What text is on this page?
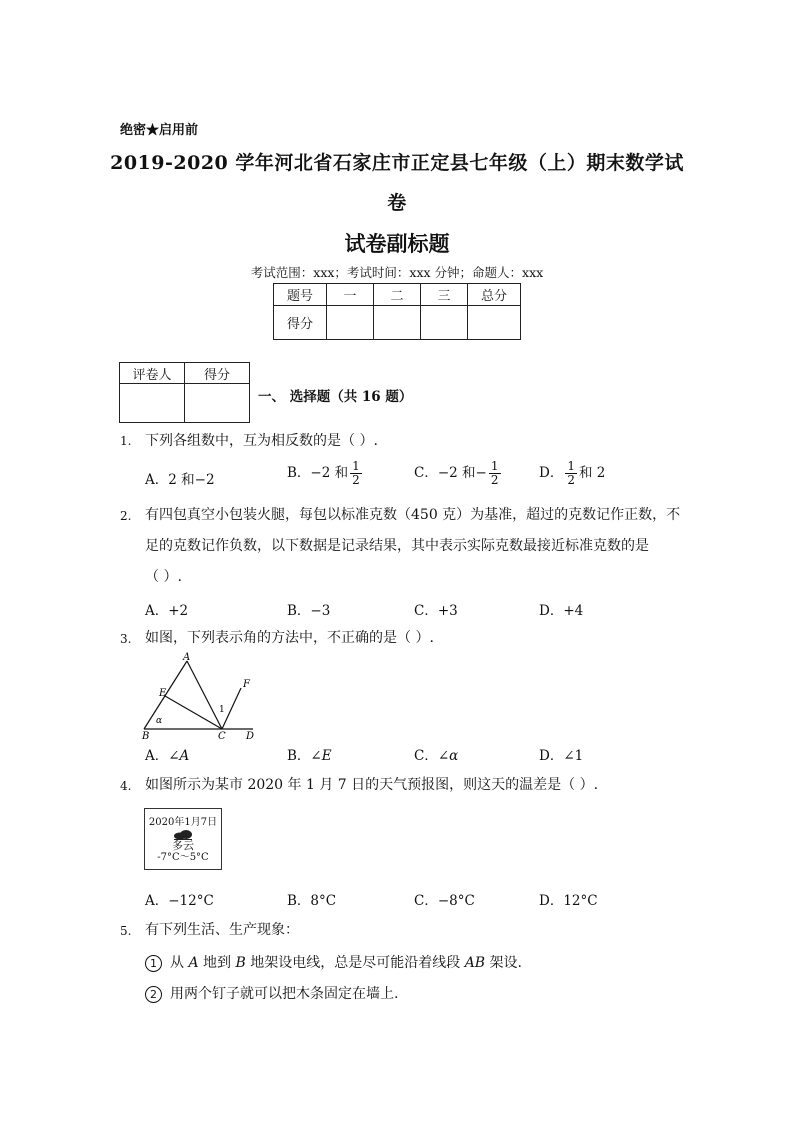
绝密★启用前
2019-2020 学年河北省石家庄市正定县七年级（上）期末数学试
卷
试卷副标题
考试范围：xxx；考试时间：xxx 分钟；命题人：xxx
题号	一	二	三	总分
得分				
评卷人	得分

一、 选择题（共 16 题）
1. 下列各组数中，互为相反数的是（ ）.
A．2 和−2	B．−2 和 $\frac{1}{2}$	C．−2 和− $\frac{1}{2}$	D． $\frac{1}{2}$ 和 2
2. 有四包真空小包装火腿，每包以标准克数（450 克）为基准，超过的克数记作正数，不
足的克数记作负数，以下数据是记录结果，其中表示实际克数最接近标准克数的是
（ ）.
A．+2	B．−3	C．+3	D．+4
3. 如图，下列表示角的方法中，不正确的是（ ）.
A
E
F
1
α
B	C D
A．∠A	B．∠E	C．∠α	D．∠1
4. 如图所示为某市 2020 年 1 月 7 日的天气预报图，则这天的温差是（ ）.
2020年1月7日
多云
-7°C～5°C
A．−12°C	B．8°C	C．−8°C	D．12°C
5. 有下列生活、生产现象：
1 从 A 地到 B 地架设电线，总是尽可能沿着线段 AB 架设.
2 用两个钉子就可以把木条固定在墙上.
